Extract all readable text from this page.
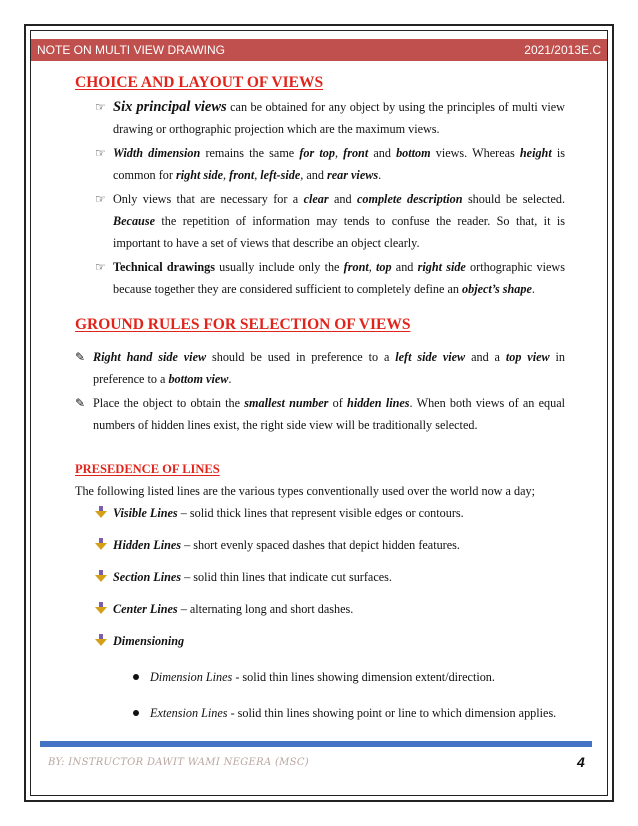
NOTE ON MULTI VIEW DRAWING	2021/2013E.C
CHOICE AND LAYOUT OF VIEWS
☞ Six principal views can be obtained for any object by using the principles of multi view drawing or orthographic projection which are the maximum views.
☞ Width dimension remains the same for top, front and bottom views. Whereas height is common for right side, front, left-side, and rear views.
☞ Only views that are necessary for a clear and complete description should be selected. Because the repetition of information may tends to confuse the reader. So that, it is important to have a set of views that describe an object clearly.
☞ Technical drawings usually include only the front, top and right side orthographic views because together they are considered sufficient to completely define an object’s shape.
GROUND RULES FOR SELECTION OF VIEWS
✎ Right hand side view should be used in preference to a left side view and a top view in preference to a bottom view.
✎ Place the object to obtain the smallest number of hidden lines. When both views of an equal numbers of hidden lines exist, the right side view will be traditionally selected.
PRESEDENCE OF LINES
The following listed lines are the various types conventionally used over the world now a day;
Visible Lines – solid thick lines that represent visible edges or contours.
Hidden Lines – short evenly spaced dashes that depict hidden features.
Section Lines – solid thin lines that indicate cut surfaces.
Center Lines – alternating long and short dashes.
Dimensioning
Dimension Lines - solid thin lines showing dimension extent/direction.
Extension Lines - solid thin lines showing point or line to which dimension applies.
BY: INSTRUCTOR DAWIT WAMI NEGERA (MSC)	4
